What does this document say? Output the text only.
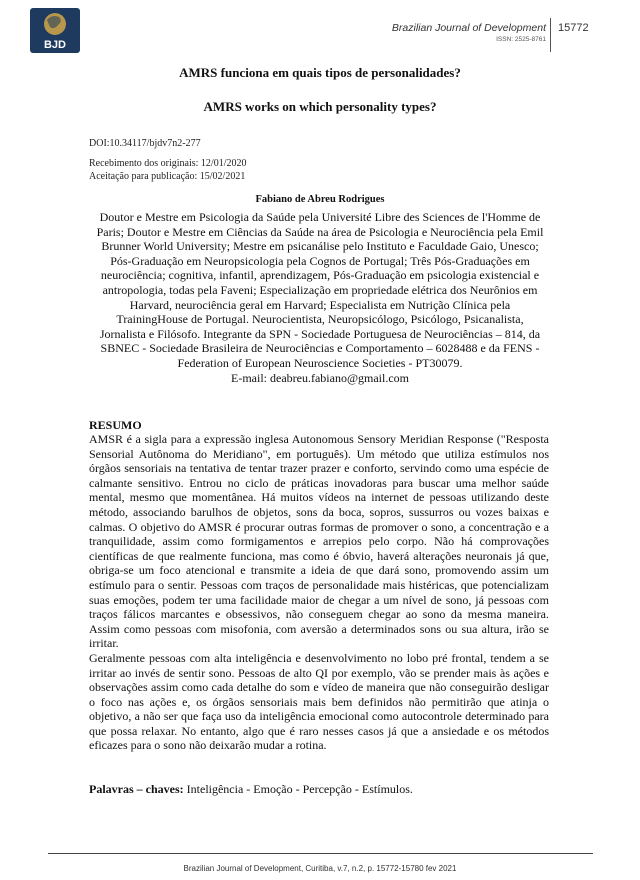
BJD
Brazilian Journal of Development
ISSN: 2525-8761
15772
AMRS funciona em quais tipos de personalidades?
AMRS works on which personality types?
DOI:10.34117/bjdv7n2-277
Recebimento dos originais: 12/01/2020
Aceitação para publicação: 15/02/2021
Fabiano de Abreu Rodrigues
Doutor e Mestre em Psicologia da Saúde pela Université Libre des Sciences de l'Homme de Paris; Doutor e Mestre em Ciências da Saúde na área de Psicologia e Neurociência pela Emil Brunner World University; Mestre em psicanálise pelo Instituto e Faculdade Gaio, Unesco; Pós-Graduação em Neuropsicologia pela Cognos de Portugal; Três Pós-Graduações em neurociência; cognitiva, infantil, aprendizagem, Pós-Graduação em psicologia existencial e antropologia, todas pela Faveni; Especialização em propriedade elétrica dos Neurônios em Harvard, neurociência geral em Harvard; Especialista em Nutrição Clínica pela TrainingHouse de Portugal. Neurocientista, Neuropsicólogo, Psicólogo, Psicanalista, Jornalista e Filósofo. Integrante da SPN - Sociedade Portuguesa de Neurociências – 814, da SBNEC - Sociedade Brasileira de Neurociências e Comportamento – 6028488 e da FENS - Federation of European Neuroscience Societies - PT30079.
E-mail: deabreu.fabiano@gmail.com
RESUMO

AMSR é a sigla para a expressão inglesa Autonomous Sensory Meridian Response ("Resposta Sensorial Autônoma do Meridiano", em português). Um método que utiliza estímulos nos órgãos sensoriais na tentativa de tentar trazer prazer e conforto, servindo como uma espécie de calmante sensitivo. Entrou no ciclo de práticas inovadoras para buscar uma melhor saúde mental, mesmo que momentânea. Há muitos vídeos na internet de pessoas utilizando deste método, associando barulhos de objetos, sons da boca, sopros, sussurros ou vozes baixas e calmas. O objetivo do AMSR é procurar outras formas de promover o sono, a concentração e a tranquilidade, assim como formigamentos e arrepios pelo corpo. Não há comprovações científicas de que realmente funciona, mas como é óbvio, haverá alterações neuronais já que, obriga-se um foco atencional e transmite a ideia de que dará sono, promovendo assim um estímulo para o sentir. Pessoas com traços de personalidade mais histéricas, que potencializam suas emoções, podem ter uma facilidade maior de chegar a um nível de sono, já pessoas com traços fálicos marcantes e obsessivos, não conseguem chegar ao sono da mesma maneira. Assim como pessoas com misofonia, com aversão a determinados sons ou sua altura, irão se irritar.

Geralmente pessoas com alta inteligência e desenvolvimento no lobo pré frontal, tendem a se irritar ao invés de sentir sono. Pessoas de alto QI por exemplo, vão se prender mais às ações e observações assim como cada detalhe do som e vídeo de maneira que não conseguirão desligar o foco nas ações e, os órgãos sensoriais mais bem definidos não permitirão que atinja o objetivo, a não ser que faça uso da inteligência emocional como autocontrole determinado para que possa relaxar. No entanto, algo que é raro nesses casos já que a ansiedade e os métodos eficazes para o sono não deixarão mudar a rotina.

Palavras – chaves: Inteligência - Emoção - Percepção - Estímulos.
Brazilian Journal of Development, Curitiba, v.7, n.2, p. 15772-15780 fev 2021
